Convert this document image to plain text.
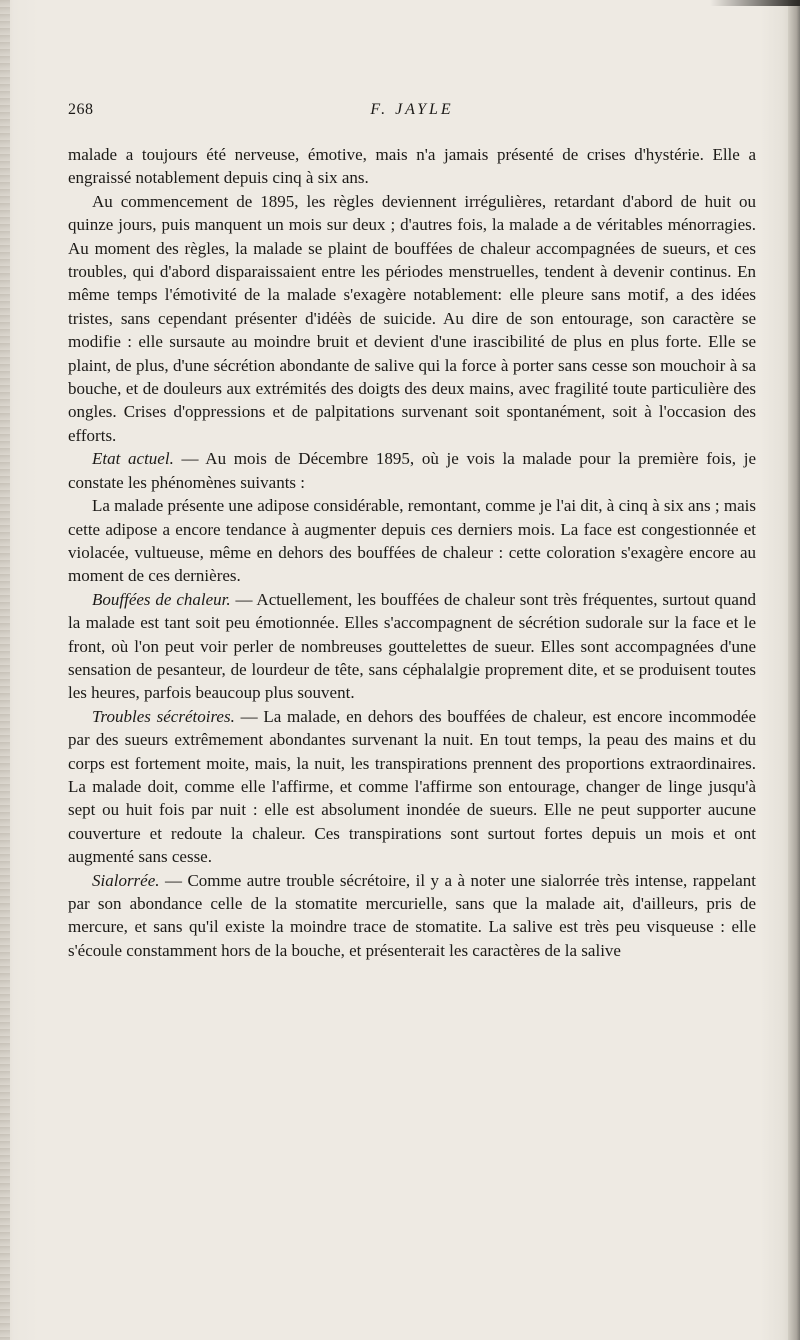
268	F. JAYLE

malade a toujours été nerveuse, émotive, mais n'a jamais présenté de crises d'hystérie. Elle a engraissé notablement depuis cinq à six ans.

Au commencement de 1895, les règles deviennent irrégulières, retardant d'abord de huit ou quinze jours, puis manquent un mois sur deux ; d'autres fois, la malade a de véritables ménorragies. Au moment des règles, la malade se plaint de bouffées de chaleur accompagnées de sueurs, et ces troubles, qui d'abord disparaissaient entre les périodes menstruelles, tendent à devenir continus. En même temps l'émotivité de la malade s'exagère notablement: elle pleure sans motif, a des idées tristes, sans cependant présenter d'idéès de suicide. Au dire de son entourage, son caractère se modifie : elle sursaute au moindre bruit et devient d'une irascibilité de plus en plus forte. Elle se plaint, de plus, d'une sécrétion abondante de salive qui la force à porter sans cesse son mouchoir à sa bouche, et de douleurs aux extrémités des doigts des deux mains, avec fragilité toute particulière des ongles. Crises d'oppressions et de palpitations survenant soit spontanément, soit à l'occasion des efforts.

Etat actuel. — Au mois de Décembre 1895, où je vois la malade pour la première fois, je constate les phénomènes suivants :

La malade présente une adipose considérable, remontant, comme je l'ai dit, à cinq à six ans ; mais cette adipose a encore tendance à augmenter depuis ces derniers mois. La face est congestionnée et violacée, vultueuse, même en dehors des bouffées de chaleur : cette coloration s'exagère encore au moment de ces dernières.

Bouffées de chaleur. — Actuellement, les bouffées de chaleur sont très fréquentes, surtout quand la malade est tant soit peu émotionnée. Elles s'accompagnent de sécrétion sudorale sur la face et le front, où l'on peut voir perler de nombreuses gouttelettes de sueur. Elles sont accompagnées d'une sensation de pesanteur, de lourdeur de tête, sans céphalalgie proprement dite, et se produisent toutes les heures, parfois beaucoup plus souvent.

Troubles sécrétoires. — La malade, en dehors des bouffées de chaleur, est encore incommodée par des sueurs extrêmement abondantes survenant la nuit. En tout temps, la peau des mains et du corps est fortement moite, mais, la nuit, les transpirations prennent des proportions extraordinaires. La malade doit, comme elle l'affirme, et comme l'affirme son entourage, changer de linge jusqu'à sept ou huit fois par nuit : elle est absolument inondée de sueurs. Elle ne peut supporter aucune couverture et redoute la chaleur. Ces transpirations sont surtout fortes depuis un mois et ont augmenté sans cesse.

Sialorrée. — Comme autre trouble sécrétoire, il y a à noter une sialorrée très intense, rappelant par son abondance celle de la stomatite mercurielle, sans que la malade ait, d'ailleurs, pris de mercure, et sans qu'il existe la moindre trace de stomatite. La salive est très peu visqueuse : elle s'écoule constamment hors de la bouche, et présenterait les caractères de la salive
